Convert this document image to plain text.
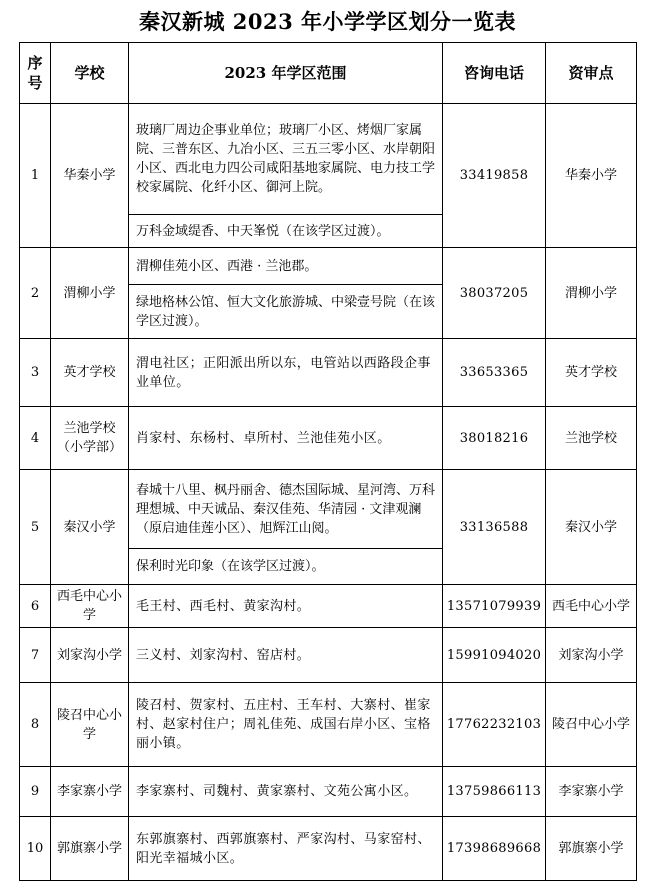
秦汉新城 2023 年小学学区划分一览表
序号	学校	2023 年学区范围	咨询电话	资审点
1	华秦小学	玻璃厂周边企事业单位；玻璃厂小区、烤烟厂家属院、三普东区、九冶小区、三五三零小区、水岸朝阳小区、西北电力四公司咸阳基地家属院、电力技工学校家属院、化纤小区、御河上院。
万科金域缇香、中天峯悦（在该学区过渡）。	33419858	华秦小学
2	渭柳小学	渭柳佳苑小区、西港 · 兰池郡。
绿地格林公馆、恒大文化旅游城、中梁壹号院（在该学区过渡）。	38037205	渭柳小学
3	英才学校	渭电社区；正阳派出所以东，电管站以西路段企事业单位。	33653365	英才学校
4	兰池学校（小学部）	肖家村、东杨村、卓所村、兰池佳苑小区。	38018216	兰池学校
5	秦汉小学	春城十八里、枫丹丽舍、德杰国际城、星河湾、万科理想城、中天诚品、秦汉佳苑、华清园 · 文津观澜（原启迪佳莲小区）、旭辉江山阅。
保利时光印象（在该学区过渡）。	33136588	秦汉小学
6	西毛中心小学	毛王村、西毛村、黄家沟村。	13571079939	西毛中心小学
7	刘家沟小学	三义村、刘家沟村、窑店村。	15991094020	刘家沟小学
8	陵召中心小学	陵召村、贺家村、五庄村、王车村、大寨村、崔家村、赵家村住户；周礼佳苑、成国右岸小区、宝格丽小镇。	17762232103	陵召中心小学
9	李家寨小学	李家寨村、司魏村、黄家寨村、文苑公寓小区。	13759866113	李家寨小学
10	郭旗寨小学	东郭旗寨村、西郭旗寨村、严家沟村、马家窑村、阳光幸福城小区。	17398689668	郭旗寨小学
